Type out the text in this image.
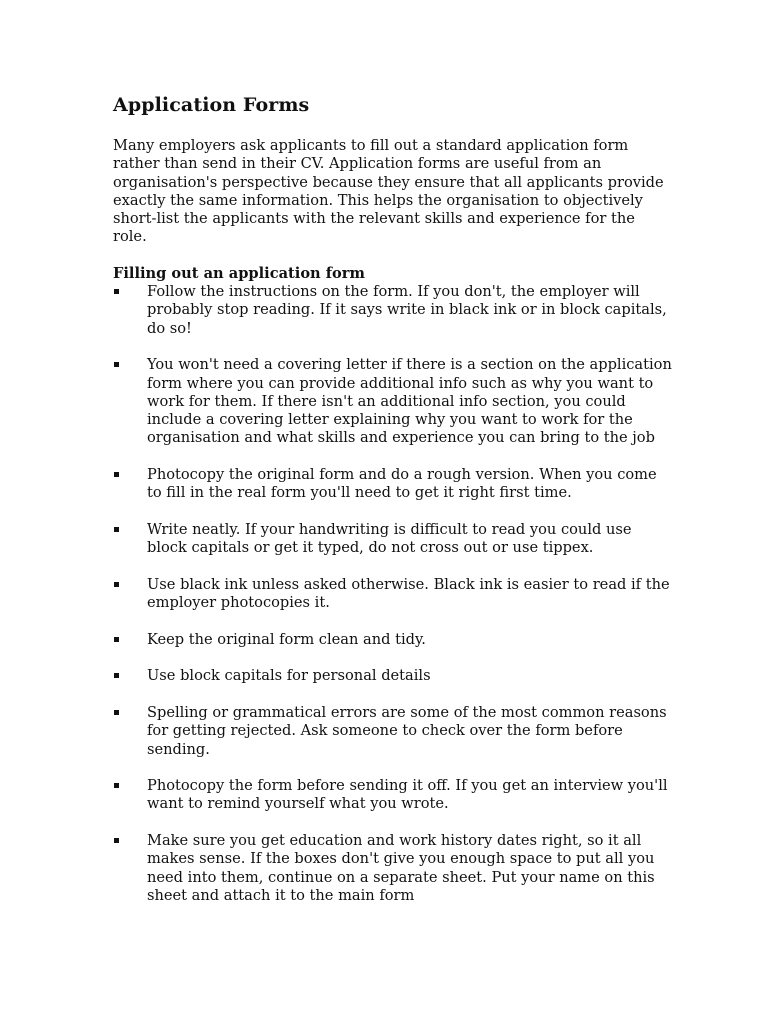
Application Forms

Many employers ask applicants to fill out a standard application form rather than send in their CV. Application forms are useful from an organisation's perspective because they ensure that all applicants provide exactly the same information. This helps the organisation to objectively short-list the applicants with the relevant skills and experience for the role.

Filling out an application form
Follow the instructions on the form. If you don't, the employer will probably stop reading. If it says write in black ink or in block capitals, do so!
You won't need a covering letter if there is a section on the application form where you can provide additional info such as why you want to work for them. If there isn't an additional info section, you could include a covering letter explaining why you want to work for the organisation and what skills and experience you can bring to the job
Photocopy the original form and do a rough version. When you come to fill in the real form you'll need to get it right first time.
Write neatly. If your handwriting is difficult to read you could use block capitals or get it typed, do not cross out or use tippex.
Use black ink unless asked otherwise. Black ink is easier to read if the employer photocopies it.
Keep the original form clean and tidy.
Use block capitals for personal details
Spelling or grammatical errors are some of the most common reasons for getting rejected. Ask someone to check over the form before sending.
Photocopy the form before sending it off. If you get an interview you'll want to remind yourself what you wrote.
Make sure you get education and work history dates right, so it all makes sense. If the boxes don't give you enough space to put all you need into them, continue on a separate sheet. Put your name on this sheet and attach it to the main form
